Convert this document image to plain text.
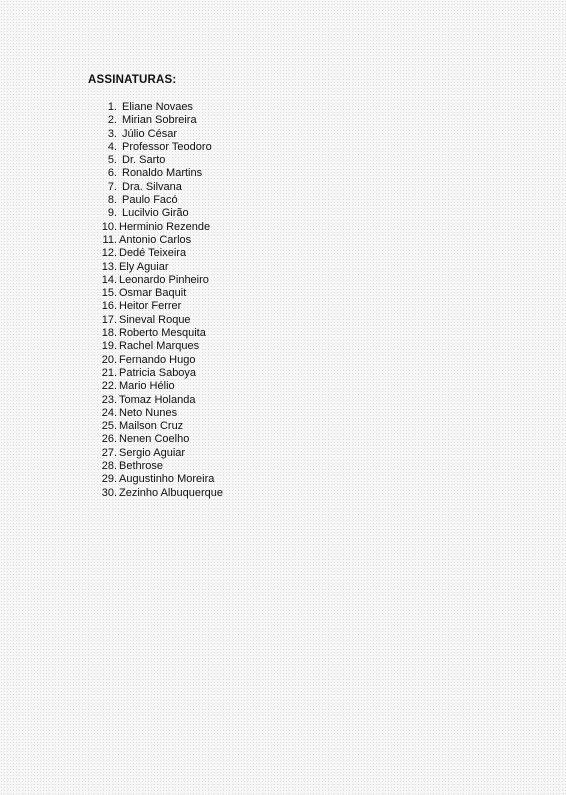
ASSINATURAS:
1. Eliane Novaes
2. Mirian Sobreira
3. Júlio César
4. Professor Teodoro
5. Dr. Sarto
6. Ronaldo Martins
7. Dra. Silvana
8. Paulo Facó
9. Lucilvio Girão
10. Herminio Rezende
11. Antonio Carlos
12. Dedé Teixeira
13. Ely Aguiar
14. Leonardo Pinheiro
15. Osmar Baquit
16. Heitor Ferrer
17. Sineval Roque
18. Roberto Mesquita
19. Rachel Marques
20. Fernando Hugo
21. Patricia Saboya
22. Mario Hélio
23. Tomaz Holanda
24. Neto Nunes
25. Mailson Cruz
26. Nenen Coelho
27. Sergio Aguiar
28. Bethrose
29. Augustinho Moreira
30. Zezinho Albuquerque
